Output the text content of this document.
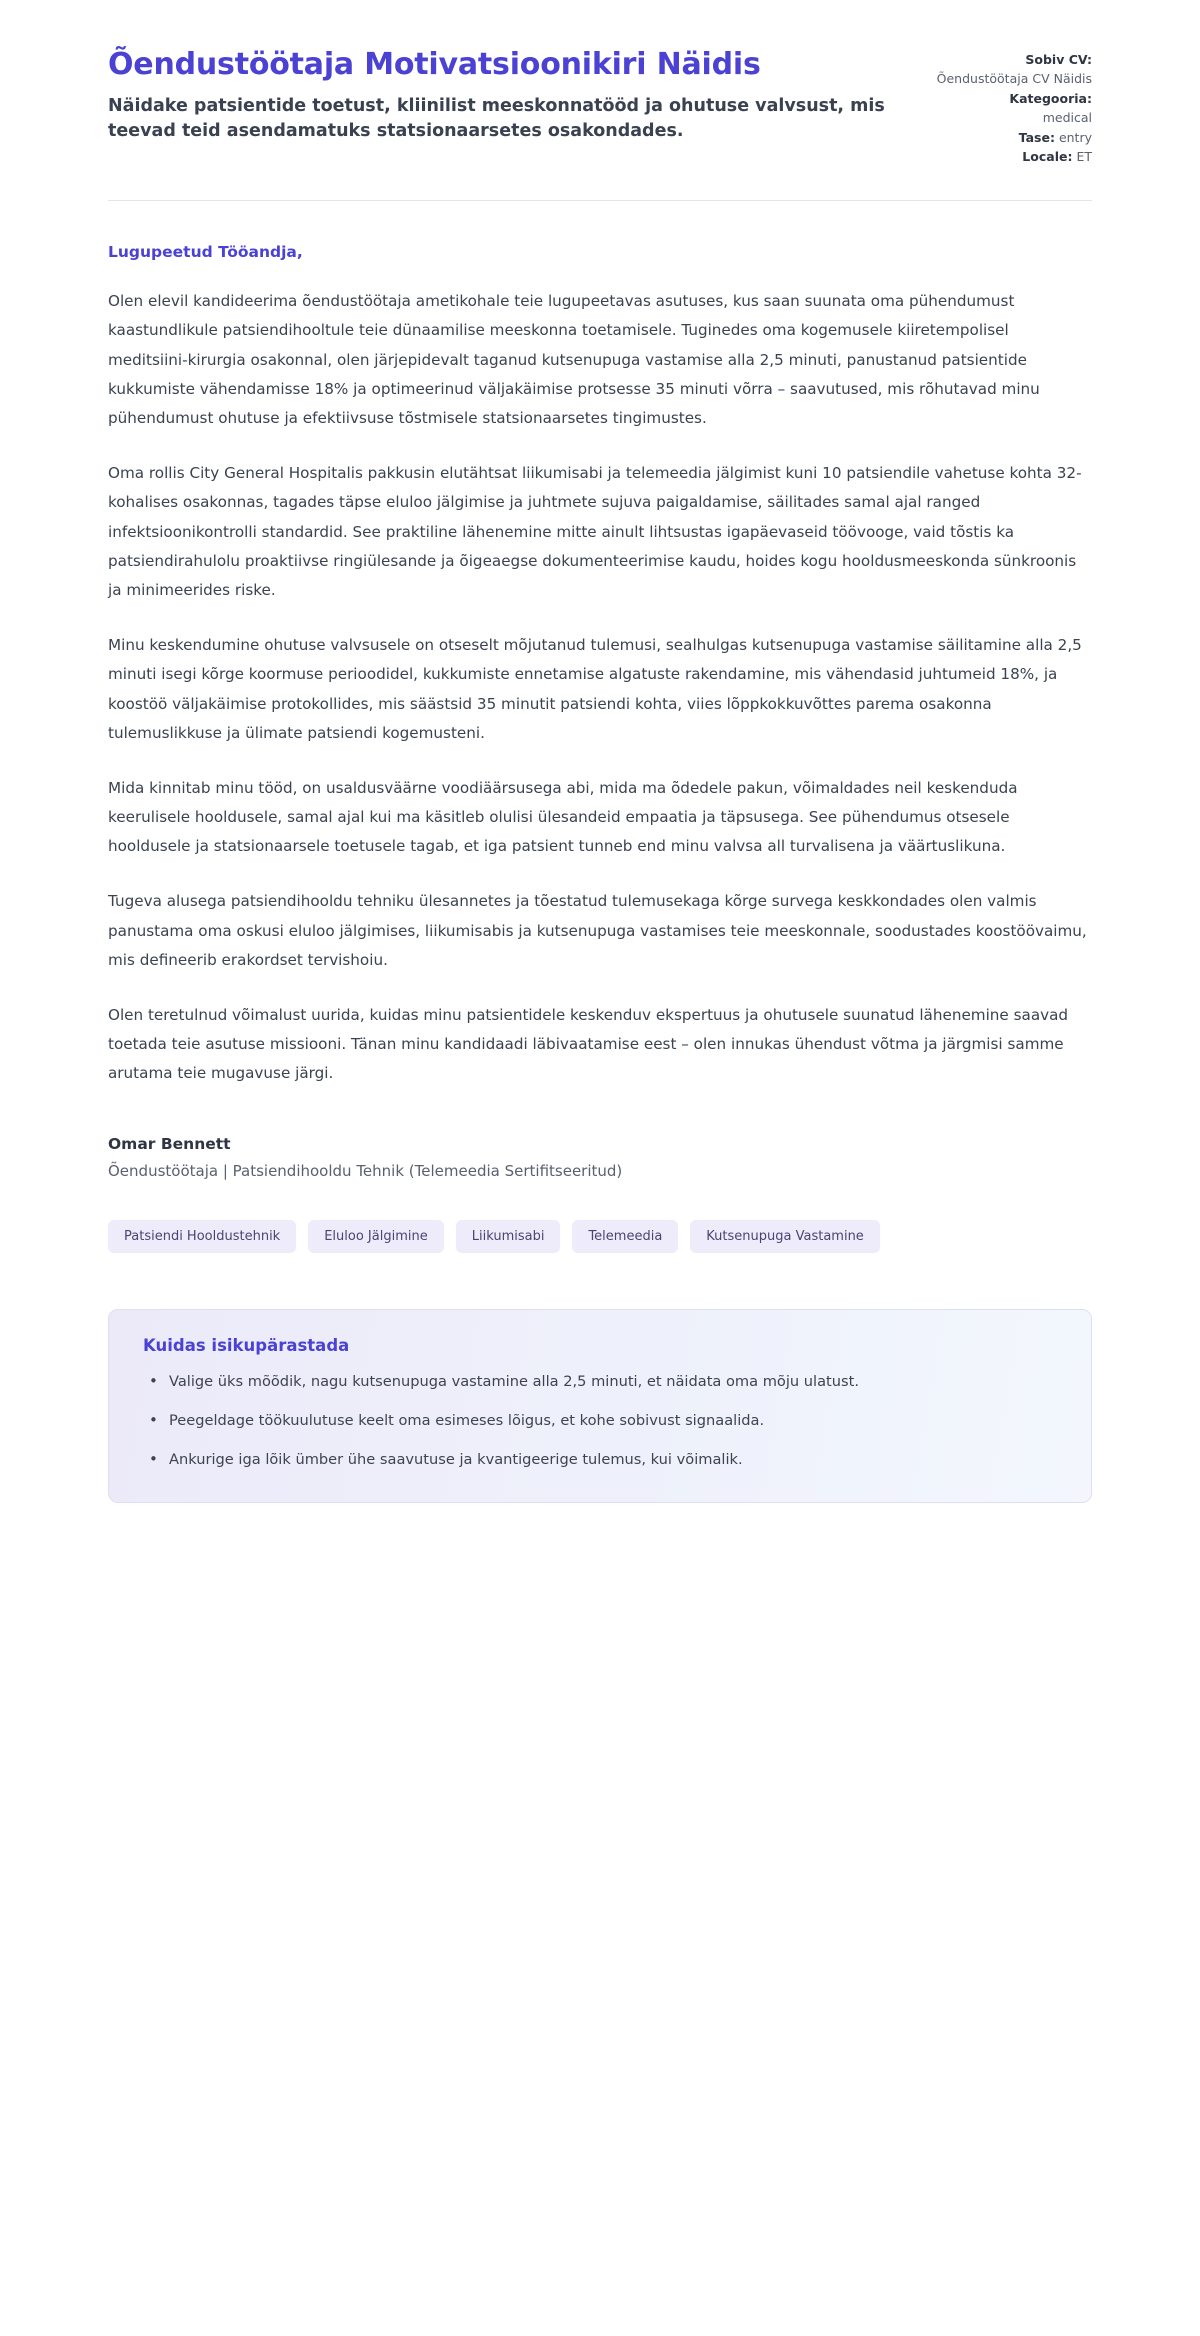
Õendustöötaja Motivatsioonikiri Näidis

Näidake patsientide toetust, kliinilist meeskonnatööd ja ohutuse valvsust, mis teevad teid asendamatuks statsionaarsetes osakondades.

Sobiv CV:
Õendustöötaja CV Näidis
Kategooria:
medical
Tase: entry
Locale: ET
Lugupeetud Tööandja,

Olen elevil kandideerima õendustöötaja ametikohale teie lugupeetavas asutuses, kus saan suunata oma pühendumust kaastundlikule patsiendihooltule teie dünaamilise meeskonna toetamisele. Tuginedes oma kogemusele kiiretempolisel meditsiini-kirurgia osakonnal, olen järjepidevalt taganud kutsenupuga vastamise alla 2,5 minuti, panustanud patsientide kukkumiste vähendamisse 18% ja optimeerinud väljakäimise protsesse 35 minuti võrra – saavutused, mis rõhutavad minu pühendumust ohutuse ja efektiivsuse tõstmisele statsionaarsetes tingimustes.

Oma rollis City General Hospitalis pakkusin elutähtsat liikumisabi ja telemeedia jälgimist kuni 10 patsiendile vahetuse kohta 32-kohalises osakonnas, tagades täpse eluloo jälgimise ja juhtmete sujuva paigaldamise, säilitades samal ajal ranged infektsioonikontrolli standardid. See praktiline lähenemine mitte ainult lihtsustas igapäevaseid töövooge, vaid tõstis ka patsiendirahulolu proaktiivse ringiülesande ja õigeaegse dokumenteerimise kaudu, hoides kogu hooldusmeeskonda sünkroonis ja minimeerides riske.

Minu keskendumine ohutuse valvsusele on otseselt mõjutanud tulemusi, sealhulgas kutsenupuga vastamise säilitamine alla 2,5 minuti isegi kõrge koormuse perioodidel, kukkumiste ennetamise algatuste rakendamine, mis vähendasid juhtumeid 18%, ja koostöö väljakäimise protokollides, mis säästsid 35 minutit patsiendi kohta, viies lõppkokkuvõttes parema osakonna tulemuslikkuse ja ülimate patsiendi kogemusteni.

Mida kinnitab minu tööd, on usaldusväärne voodiäärsusega abi, mida ma õdedele pakun, võimaldades neil keskenduda keerulisele hooldusele, samal ajal kui ma käsitleb olulisi ülesandeid empaatia ja täpsusega. See pühendumus otsesele hooldusele ja statsionaarsele toetusele tagab, et iga patsient tunneb end minu valvsa all turvalisena ja väärtuslikuna.

Tugeva alusega patsiendihooldu tehniku ülesannetes ja tõestatud tulemusekaga kõrge survega keskkondades olen valmis panustama oma oskusi eluloo jälgimises, liikumisabis ja kutsenupuga vastamises teie meeskonnale, soodustades koostöövaimu, mis defineerib erakordset tervishoiu.

Olen teretulnud võimalust uurida, kuidas minu patsientidele keskenduv ekspertuus ja ohutusele suunatud lähenemine saavad toetada teie asutuse missiooni. Tänan minu kandidaadi läbivaatamise eest – olen innukas ühendust võtma ja järgmisi samme arutama teie mugavuse järgi.

Omar Bennett
Õendustöötaja | Patsiendihooldu Tehnik (Telemeedia Sertifitseeritud)
Patsiendi Hooldustehnik	Eluloo Jälgimine	Liikumisabi	Telemeedia	Kutsenupuga Vastamine
Kuidas isikupärastada
• Valige üks mõõdik, nagu kutsenupuga vastamine alla 2,5 minuti, et näidata oma mõju ulatust.
• Peegeldage töökuulutuse keelt oma esimeses lõigus, et kohe sobivust signaalida.
• Ankurige iga lõik ümber ühe saavutuse ja kvantigeerige tulemus, kui võimalik.
